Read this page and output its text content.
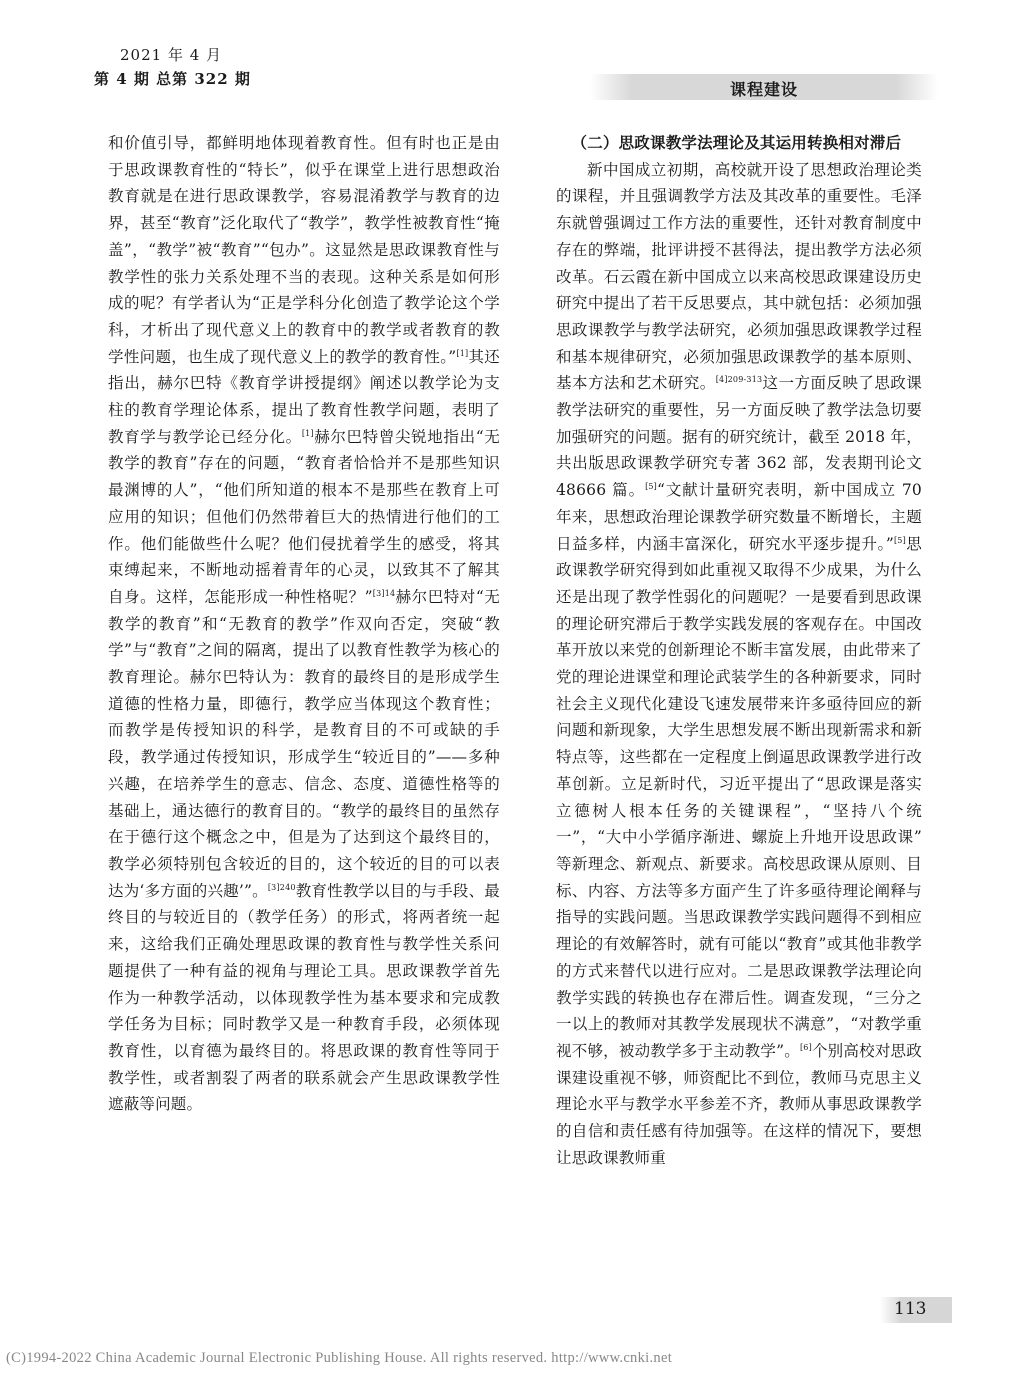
2021 年 4 月
第 4 期 总第 322 期
课程建设

和价值引导，都鲜明地体现着教育性。但有时也正是由于思政课教育性的“特长”，似乎在课堂上进行思想政治教育就是在进行思政课教学，容易混淆教学与教育的边界，甚至“教育”泛化取代了“教学”，教学性被教育性“掩盖”，“教学”被“教育”“包办”。这显然是思政课教育性与教学性的张力关系处理不当的表现。这种关系是如何形成的呢？有学者认为“正是学科分化创造了教学论这个学科，才析出了现代意义上的教育中的教学或者教育的教学性问题，也生成了现代意义上的教学的教育性。”[1]其还指出，赫尔巴特《教育学讲授提纲》阐述以教学论为支柱的教育学理论体系，提出了教育性教学问题，表明了教育学与教学论已经分化。[1]赫尔巴特曾尖锐地指出“无教学的教育”存在的问题，“教育者恰恰并不是那些知识最渊博的人”，“他们所知道的根本不是那些在教育上可应用的知识；但他们仍然带着巨大的热情进行他们的工作。他们能做些什么呢？他们侵扰着学生的感受，将其束缚起来，不断地动摇着青年的心灵，以致其不了解其自身。这样，怎能形成一种性格呢？”$^{[3]14}$赫尔巴特对“无教学的教育”和“无教育的教学”作双向否定，突破“教学”与“教育”之间的隔离，提出了以教育性教学为核心的教育理论。赫尔巴特认为：教育的最终目的是形成学生道德的性格力量，即德行，教学应当体现这个教育性；而教学是传授知识的科学，是教育目的不可或缺的手段，教学通过传授知识，形成学生“较近目的”——多种兴趣，在培养学生的意志、信念、态度、道德性格等的基础上，通达德行的教育目的。“教学的最终目的虽然存在于德行这个概念之中，但是为了达到这个最终目的，教学必须特别包含较近的目的，这个较近的目的可以表达为‘多方面的兴趣’”。$^{[3]240}$教育性教学以目的与手段、最终目的与较近目的（教学任务）的形式，将两者统一起来，这给我们正确处理思政课的教育性与教学性关系问题提供了一种有益的视角与理论工具。思政课教学首先作为一种教学活动，以体现教学性为基本要求和完成教学任务为目标；同时教学又是一种教育手段，必须体现教育性，以育德为最终目的。将思政课的教育性等同于教学性，或者割裂了两者的联系就会产生思政课教学性遮蔽等问题。

（二）思政课教学法理论及其运用转换相对滞后

新中国成立初期，高校就开设了思想政治理论类的课程，并且强调教学方法及其改革的重要性。毛泽东就曾强调过工作方法的重要性，还针对教育制度中存在的弊端，批评讲授不甚得法，提出教学方法必须改革。石云霞在新中国成立以来高校思政课建设历史研究中提出了若干反思要点，其中就包括：必须加强思政课教学与教学法研究，必须加强思政课教学过程和基本规律研究，必须加强思政课教学的基本原则、基本方法和艺术研究。$^{[4]209-313}$这一方面反映了思政课教学法研究的重要性，另一方面反映了教学法急切要加强研究的问题。据有的研究统计，截至 2018 年，共出版思政课教学研究专著 362 部，发表期刊论文 48666 篇。[5]“文献计量研究表明，新中国成立 70 年来，思想政治理论课教学研究数量不断增长，主题日益多样，内涵丰富深化，研究水平逐步提升。”[5]思政课教学研究得到如此重视又取得不少成果，为什么还是出现了教学性弱化的问题呢？一是要看到思政课的理论研究滞后于教学实践发展的客观存在。中国改革开放以来党的创新理论不断丰富发展，由此带来了党的理论进课堂和理论武装学生的各种新要求，同时社会主义现代化建设飞速发展带来许多亟待回应的新问题和新现象，大学生思想发展不断出现新需求和新特点等，这些都在一定程度上倒逼思政课教学进行改革创新。立足新时代，习近平提出了“思政课是落实立德树人根本任务的关键课程”，“坚持八个统一”，“大中小学循序渐进、螺旋上升地开设思政课” 等新理念、新观点、新要求。高校思政课从原则、目标、内容、方法等多方面产生了许多亟待理论阐释与指导的实践问题。当思政课教学实践问题得不到相应理论的有效解答时，就有可能以“教育”或其他非教学的方式来替代以进行应对。二是思政课教学法理论向教学实践的转换也存在滞后性。调查发现，“三分之一以上的教师对其教学发展现状不满意”，“对教学重视不够，被动教学多于主动教学”。[6]个别高校对思政课建设重视不够，师资配比不到位，教师马克思主义理论水平与教学水平参差不齐，教师从事思政课教学的自信和责任感有待加强等。在这样的情况下，要想让思政课教师重

113
(C)1994-2022 China Academic Journal Electronic Publishing House. All rights reserved. http://www.cnki.net
